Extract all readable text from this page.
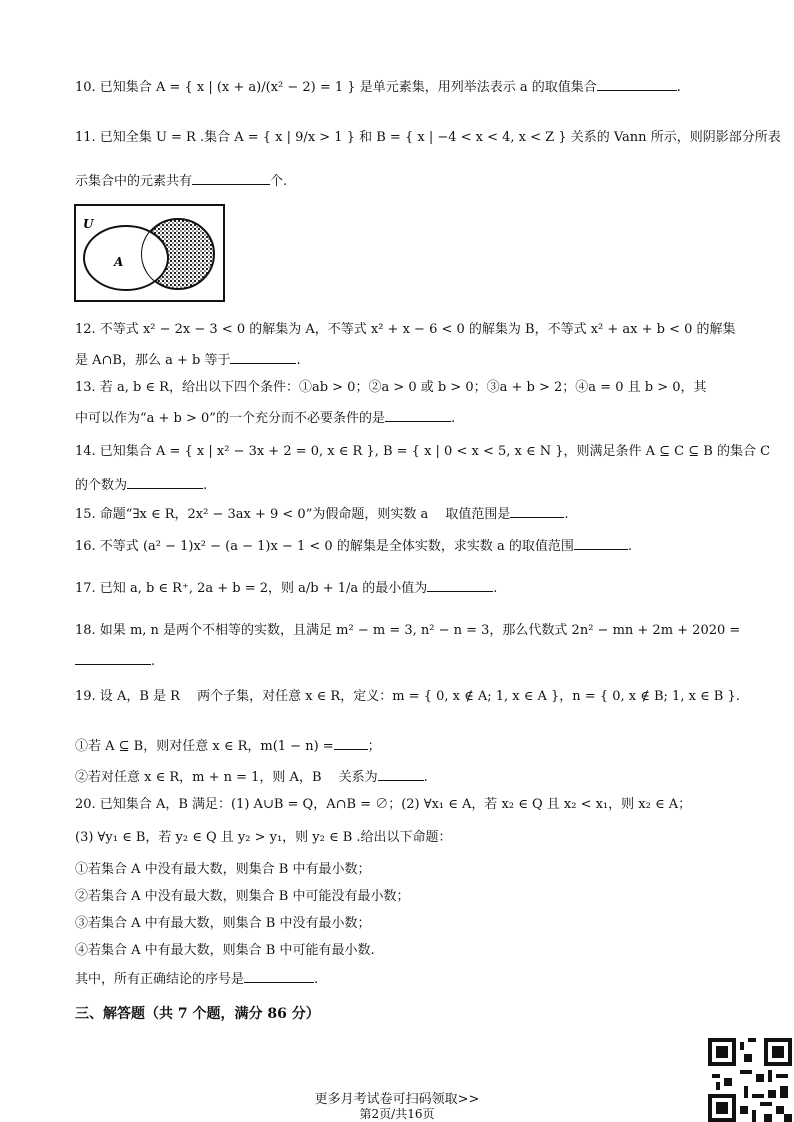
10. 已知集合 A = { x | (x + a)/(x² − 2) = 1 } 是单元素集，用列举法表示 a 的取值集合	.
11. 已知全集 U = R .集合 A = { x | 9/x > 1 } 和 B = { x | −4 < x < 4, x < Z } 关系的 Vann 所示，则阴影部分所表
示集合中的元素共有	个.
12. 不等式 x² − 2x − 3 < 0 的解集为 A，不等式 x² + x − 6 < 0 的解集为 B，不等式 x² + ax + b < 0 的解集
是 A∩B，那么 a + b 等于	.
13. 若 a, b ∈ R，给出以下四个条件：①ab > 0；②a > 0 或 b > 0；③a + b > 2；④a = 0 且 b > 0，其
中可以作为“a + b > 0”的一个充分而不必要条件的是	.
14. 已知集合 A = { x | x² − 3x + 2 = 0, x ∈ R }, B = { x | 0 < x < 5, x ∈ N }，则满足条件 A ⊆ C ⊆ B 的集合 C
的个数为	.
15. 命题“∃x ∈ R，2x² − 3ax + 9 < 0”为假命题，则实数 a 　取值范围是	.
16. 不等式 (a² − 1)x² − (a − 1)x − 1 < 0 的解集是全体实数，求实数 a 的取值范围	.
17. 已知 a, b ∈ R⁺, 2a + b = 2，则 a/b + 1/a 的最小值为	.
18. 如果 m, n 是两个不相等的实数，且满足 m² − m = 3, n² − n = 3，那么代数式 2n² − mn + 2m + 2020 =
.
19. 设 A，B 是 R 　两个子集，对任意 x ∈ R，定义：m = { 0, x ∉ A; 1, x ∈ A }，n = { 0, x ∉ B; 1, x ∈ B }.
①若 A ⊆ B，则对任意 x ∈ R，m(1 − n) =	；
②若对任意 x ∈ R，m + n = 1，则 A，B 　关系为	.
20. 已知集合 A，B 满足：(1) A∪B = Q，A∩B = ∅；(2) ∀x₁ ∈ A，若 x₂ ∈ Q 且 x₂ < x₁，则 x₂ ∈ A；
(3) ∀y₁ ∈ B，若 y₂ ∈ Q 且 y₂ > y₁，则 y₂ ∈ B .给出以下命题：
①若集合 A 中没有最大数，则集合 B 中有最小数；
②若集合 A 中没有最大数，则集合 B 中可能没有最小数；
③若集合 A 中有最大数，则集合 B 中没有最小数；
④若集合 A 中有最大数，则集合 B 中可能有最小数.
其中，所有正确结论的序号是	.
U
A
三、解答题（共 7 个题，满分 86 分）
更多月考试卷可扫码领取>>
第2页/共16页
